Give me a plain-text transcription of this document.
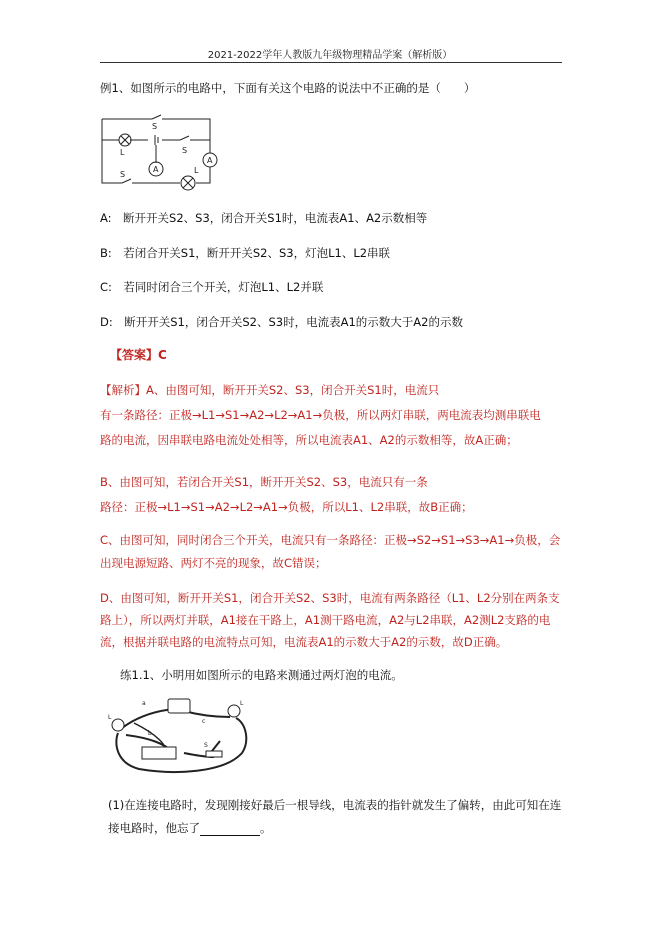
2021-2022学年人教版九年级物理精品学案（解析版）
例1、如图所示的电路中，下面有关这个电路的说法中不正确的是（　　）
S
S
S
L
L
A
A
A:　断开开关S2、S3，闭合开关S1时，电流表A1、A2示数相等
B:　若闭合开关S1，断开开关S2、S3，灯泡L1、L2串联
C:　若同时闭合三个开关，灯泡L1、L2并联
D:　断开开关S1，闭合开关S2、S3时，电流表A1的示数大于A2的示数
【答案】C
【解析】A、由图可知，断开开关S2、S3，闭合开关S1时，电流只
有一条路径：正极→L1→S1→A2→L2→A1→负极，所以两灯串联，两电流表均测串联电
路的电流，因串联电路电流处处相等，所以电流表A1、A2的示数相等，故A正确；
B、由图可知，若闭合开关S1，断开开关S2、S3，电流只有一条
路径：正极→L1→S1→A2→L2→A1→负极，所以L1、L2串联，故B正确；
C、由图可知，同时闭合三个开关，电流只有一条路径：正极→S2→S1→S3→A1→负极，会
出现电源短路、两灯不亮的现象，故C错误；
D、由图可知，断开开关S1，闭合开关S2、S3时，电流有两条路径（L1、L2分别在两条支
路上），所以两灯并联，A1接在干路上，A1测干路电流，A2与L2串联，A2测L2支路的电
流，根据并联电路的电流特点可知，电流表A1的示数大于A2的示数，故D正确。
练1.1、小明用如图所示的电路来测通过两灯泡的电流。
L
L
S
a
b
c
(1)在连接电路时，发现刚接好最后一根导线，电流表的指针就发生了偏转，由此可知在连
接电路时，他忘了	。
